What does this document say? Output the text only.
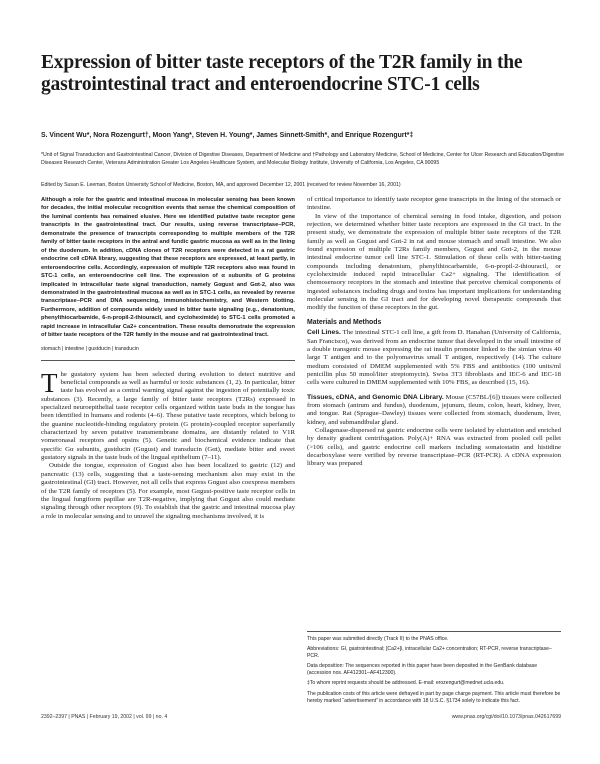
Expression of bitter taste receptors of the T2R family in the gastrointestinal tract and enteroendocrine STC-1 cells
S. Vincent Wu*, Nora Rozengurt†, Moon Yang*, Steven H. Young*, James Sinnett-Smith*, and Enrique Rozengurt*‡
*Unit of Signal Transduction and Gastrointestinal Cancer, Division of Digestive Diseases, Department of Medicine and †Pathology and Laboratory Medicine, School of Medicine, Center for Ulcer Research and Education/Digestive Diseases Research Center, Veterans Administration Greater Los Angeles Healthcare System, and Molecular Biology Institute, University of California, Los Angeles, CA 90095
Edited by Susan E. Leeman, Boston University School of Medicine, Boston, MA, and approved December 12, 2001 (received for review November 16, 2001)

Although a role for the gastric and intestinal mucosa in molecular sensing has been known for decades, the initial molecular recognition events that sense the chemical composition of the luminal contents has remained elusive. Here we identified putative taste receptor gene transcripts in the gastrointestinal tract. Our results, using reverse transcriptase–PCR, demonstrate the presence of transcripts corresponding to multiple members of the T2R family of bitter taste receptors in the antral and fundic gastric mucosa as well as in the lining of the duodenum. In addition, cDNA clones of T2R receptors were detected in a rat gastric endocrine cell cDNA library, suggesting that these receptors are expressed, at least partly, in enteroendocrine cells. Accordingly, expression of multiple T2R receptors also was found in STC-1 cells, an enteroendocrine cell line. The expression of α subunits of G proteins implicated in intracellular taste signal transduction, namely Gαgust and Gαt-2, also was demonstrated in the gastrointestinal mucosa as well as in STC-1 cells, as revealed by reverse transcriptase–PCR and DNA sequencing, immunohistochemistry, and Western blotting. Furthermore, addition of compounds widely used in bitter taste signaling (e.g., denatonium, phenylthiocarbamide, 6-n-propil-2-thiouracil, and cycloheximide) to STC-1 cells promoted a rapid increase in intracellular Ca2+ concentration. These results demonstrate the expression of bitter taste receptors of the T2R family in the mouse and rat gastrointestinal tract.

stomach | intestine | gustducin | transducin

The gustatory system has been selected during evolution to detect nutritive and beneficial compounds as well as harmful or toxic substances (1, 2). In particular, bitter taste has evolved as a central warning signal against the ingestion of potentially toxic substances (3). Recently, a large family of bitter taste receptors (T2Rs) expressed in specialized neuroepithelial taste receptor cells organized within taste buds in the tongue has been identified in humans and rodents (4–6). These putative taste receptors, which belong to the guanine nucleotide-binding regulatory protein (G protein)-coupled receptor superfamily characterized by seven putative transmembrane domains, are distantly related to V1R vomeronasal receptors and opsins (5). Genetic and biochemical evidence indicate that specific Gα subunits, gustducin (Gαgust) and transducin (Gαt), mediate bitter and sweet gustatory signals in the taste buds of the lingual epithelium (7–11).

Outside the tongue, expression of Gαgust also has been localized to gastric (12) and pancreatic (13) cells, suggesting that a taste-sensing mechanism also may exist in the gastrointestinal (GI) tract. However, not all cells that express Gαgust also coexpress members of the T2R family of receptors (5). For example, most Gαgust-positive taste receptor cells in the lingual fungiform papillae are T2R-negative, implying that Gαgust also could mediate signaling through other receptors (9). To establish that the gastric and intestinal mucosa play a role in molecular sensing and to unravel the signaling mechanisms involved, it is

of critical importance to identify taste receptor gene transcripts in the lining of the stomach or intestine.

In view of the importance of chemical sensing in food intake, digestion, and poison rejection, we determined whether bitter taste receptors are expressed in the GI tract. In the present study, we demonstrate the expression of multiple bitter taste receptors of the T2R family as well as Gαgust and Gαt-2 in rat and mouse stomach and small intestine. We also found expression of multiple T2Rs family members, Gαgust and Gαt-2, in the mouse intestinal endocrine tumor cell line STC-1. Stimulation of these cells with bitter-tasting compounds including denatonium, phenylthiocarbamide, 6-n-propil-2-thiouracil, or cycloheximide induced rapid intracellular Ca2+ signaling. The identification of chemosensory receptors in the stomach and intestine that perceive chemical components of ingested substances including drugs and toxins has important implications for understanding molecular sensing in the GI tract and for developing novel therapeutic compounds that modify the function of these receptors in the gut.

Materials and Methods

Cell Lines. The intestinal STC-1 cell line, a gift from D. Hanahan (University of California, San Francisco), was derived from an endocrine tumor that developed in the small intestine of a double transgenic mouse expressing the rat insulin promoter linked to the simian virus 40 large T antigen and to the polyomavirus small T antigen, respectively (14). The culture medium consisted of DMEM supplemented with 5% FBS and antibiotics (100 units/ml penicillin plus 50 mmol/liter streptomycin). Swiss 3T3 fibroblasts and IEC-6 and IEC-18 cells were cultured in DMEM supplemented with 10% FBS, as described (15, 16).

Tissues, cDNA, and Genomic DNA Library. Mouse (C57BL/[6]) tissues were collected from stomach (antrum and fundus), duodenum, jejunum, ileum, colon, heart, kidney, liver, and tongue. Rat (Sprague–Dawley) tissues were collected from stomach, duodenum, liver, kidney, and submandibular gland.

Collagenase-dispersed rat gastric endocrine cells were isolated by elutriation and enriched by density gradient centrifugation. Poly(A)+ RNA was extracted from pooled cell pellet (>106 cells), and gastric endocrine cell markers including somatostatin and histidine decarboxylase were verified by reverse transcriptase–PCR (RT-PCR). A cDNA expression library was prepared

This paper was submitted directly (Track II) to the PNAS office.

Abbreviations: GI, gastrointestinal; [Ca2+]i, intracellular Ca2+ concentration; RT-PCR, reverse transcriptase–PCR.

Data deposition: The sequences reported in this paper have been deposited in the GenBank database (accession nos. AF412301–AF412300).

‡To whom reprint requests should be addressed. E-mail: erozengurt@mednet.ucla.edu.

The publication costs of this article were defrayed in part by page charge payment. This article must therefore be hereby marked “advertisement” in accordance with 18 U.S.C. §1734 solely to indicate this fact.

2392–2397 | PNAS | February 19, 2002 | vol. 99 | no. 4	www.pnas.org/cgi/doi/10.1073/pnas.042617699
